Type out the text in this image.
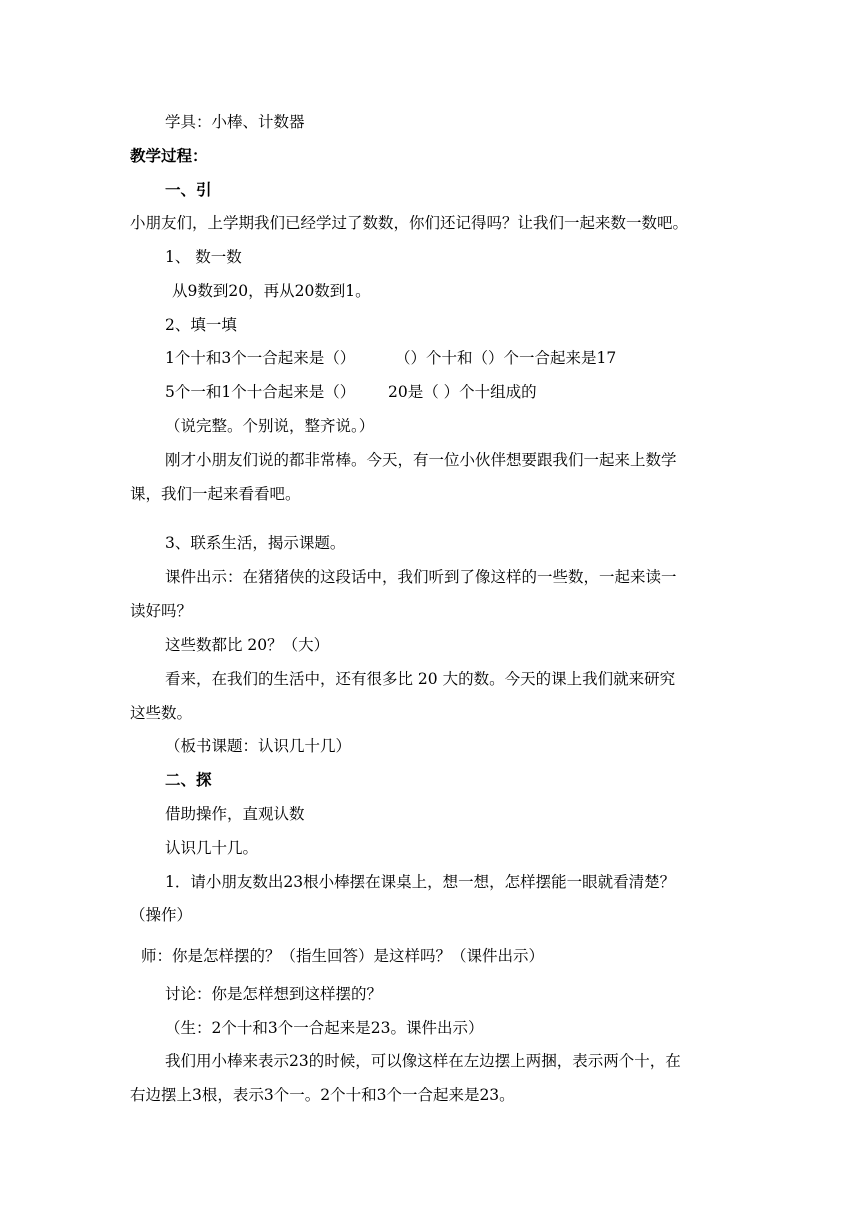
学具：小棒、计数器

教学过程：

一、引

小朋友们，上学期我们已经学过了数数，你们还记得吗？让我们一起来数一数吧。

1、 数一数

从9数到20，再从20数到1。

2、填一填

1个十和3个一合起来是（）	（）个十和（）个一合起来是17

5个一和1个十合起来是（） 20是（ ）个十组成的

（说完整。个别说，整齐说。）

刚才小朋友们说的都非常棒。今天，有一位小伙伴想要跟我们一起来上数学

课，我们一起来看看吧。

3、联系生活，揭示课题。

课件出示：在猪猪侠的这段话中，我们听到了像这样的一些数，一起来读一

读好吗？

这些数都比 20？（大）

看来，在我们的生活中，还有很多比 20 大的数。今天的课上我们就来研究

这些数。

（板书课题：认识几十几）

二、探

借助操作，直观认数

认识几十几。

1．请小朋友数出23根小棒摆在课桌上，想一想，怎样摆能一眼就看清楚？

（操作）

师：你是怎样摆的？（指生回答）是这样吗？（课件出示）

讨论：你是怎样想到这样摆的？

（生：2个十和3个一合起来是23。课件出示）

我们用小棒来表示23的时候，可以像这样在左边摆上两捆，表示两个十，在

右边摆上3根，表示3个一。2个十和3个一合起来是23。
